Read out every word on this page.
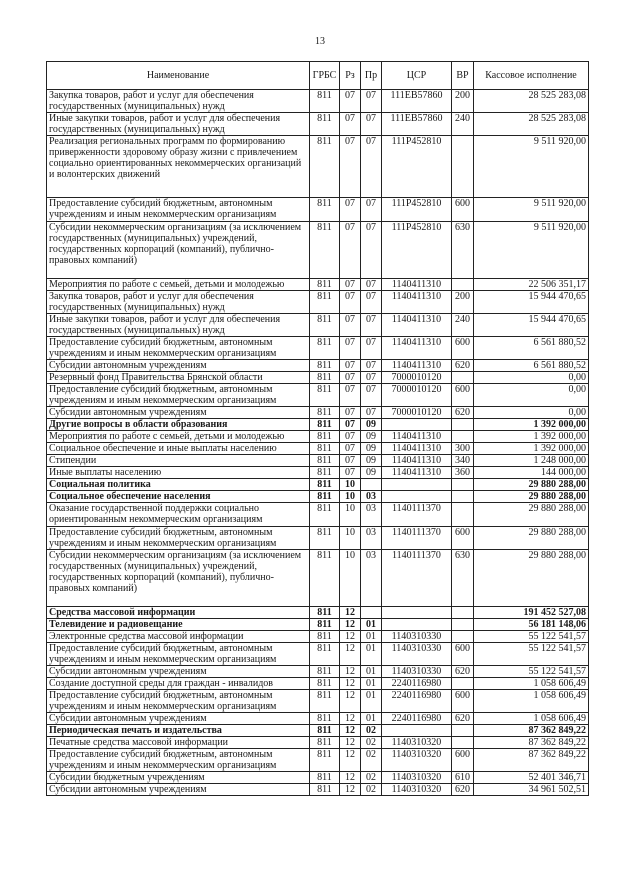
13
Наименование	ГРБС	Рз	Пр	ЦСР	ВР	Кассовое исполнение
Закупка товаров, работ и услуг для обеспечения государственных (муниципальных) нужд	811	07	07	111ЕВ57860	200	28 525 283,08
Иные закупки товаров, работ и услуг для обеспечения государственных (муниципальных) нужд	811	07	07	111ЕВ57860	240	28 525 283,08
Реализация региональных программ по формированию приверженности здоровому образу жизни с привлечением социально ориентированных некоммерческих организаций и волонтерских движений	811	07	07	111Р452810		9 511 920,00
Предоставление субсидий бюджетным, автономным учреждениям и иным некоммерческим организациям	811	07	07	111Р452810	600	9 511 920,00
Субсидии некоммерческим организациям (за исключением государственных (муниципальных) учреждений, государственных корпораций (компаний), публично-правовых компаний)	811	07	07	111Р452810	630	9 511 920,00
Мероприятия по работе с семьей, детьми и молодежью	811	07	07	1140411310		22 506 351,17
Закупка товаров, работ и услуг для обеспечения государственных (муниципальных) нужд	811	07	07	1140411310	200	15 944 470,65
Иные закупки товаров, работ и услуг для обеспечения государственных (муниципальных) нужд	811	07	07	1140411310	240	15 944 470,65
Предоставление субсидий бюджетным, автономным учреждениям и иным некоммерческим организациям	811	07	07	1140411310	600	6 561 880,52
Субсидии автономным учреждениям	811	07	07	1140411310	620	6 561 880,52
Резервный фонд Правительства Брянской области	811	07	07	7000010120		0,00
Предоставление субсидий бюджетным, автономным учреждениям и иным некоммерческим организациям	811	07	07	7000010120	600	0,00
Субсидии автономным учреждениям	811	07	07	7000010120	620	0,00
Другие вопросы в области образования	811	07	09			1 392 000,00
Мероприятия по работе с семьей, детьми и молодежью	811	07	09	1140411310		1 392 000,00
Социальное обеспечение и иные выплаты населению	811	07	09	1140411310	300	1 392 000,00
Стипендии	811	07	09	1140411310	340	1 248 000,00
Иные выплаты населению	811	07	09	1140411310	360	144 000,00
Социальная политика	811	10				29 880 288,00
Социальное обеспечение населения	811	10	03			29 880 288,00
Оказание государственной поддержки социально ориентированным некоммерческим организациям	811	10	03	1140111370		29 880 288,00
Предоставление субсидий бюджетным, автономным учреждениям и иным некоммерческим организациям	811	10	03	1140111370	600	29 880 288,00
Субсидии некоммерческим организациям (за исключением государственных (муниципальных) учреждений, государственных корпораций (компаний), публично-правовых компаний)	811	10	03	1140111370	630	29 880 288,00
Средства массовой информации	811	12				191 452 527,08
Телевидение и радиовещание	811	12	01			56 181 148,06
Электронные средства массовой информации	811	12	01	1140310330		55 122 541,57
Предоставление субсидий бюджетным, автономным учреждениям и иным некоммерческим организациям	811	12	01	1140310330	600	55 122 541,57
Субсидии автономным учреждениям	811	12	01	1140310330	620	55 122 541,57
Создание доступной среды для граждан - инвалидов	811	12	01	2240116980		1 058 606,49
Предоставление субсидий бюджетным, автономным учреждениям и иным некоммерческим организациям	811	12	01	2240116980	600	1 058 606,49
Субсидии автономным учреждениям	811	12	01	2240116980	620	1 058 606,49
Периодическая печать и издательства	811	12	02			87 362 849,22
Печатные средства массовой информации	811	12	02	1140310320		87 362 849,22
Предоставление субсидий бюджетным, автономным учреждениям и иным некоммерческим организациям	811	12	02	1140310320	600	87 362 849,22
Субсидии бюджетным учреждениям	811	12	02	1140310320	610	52 401 346,71
Субсидии автономным учреждениям	811	12	02	1140310320	620	34 961 502,51
